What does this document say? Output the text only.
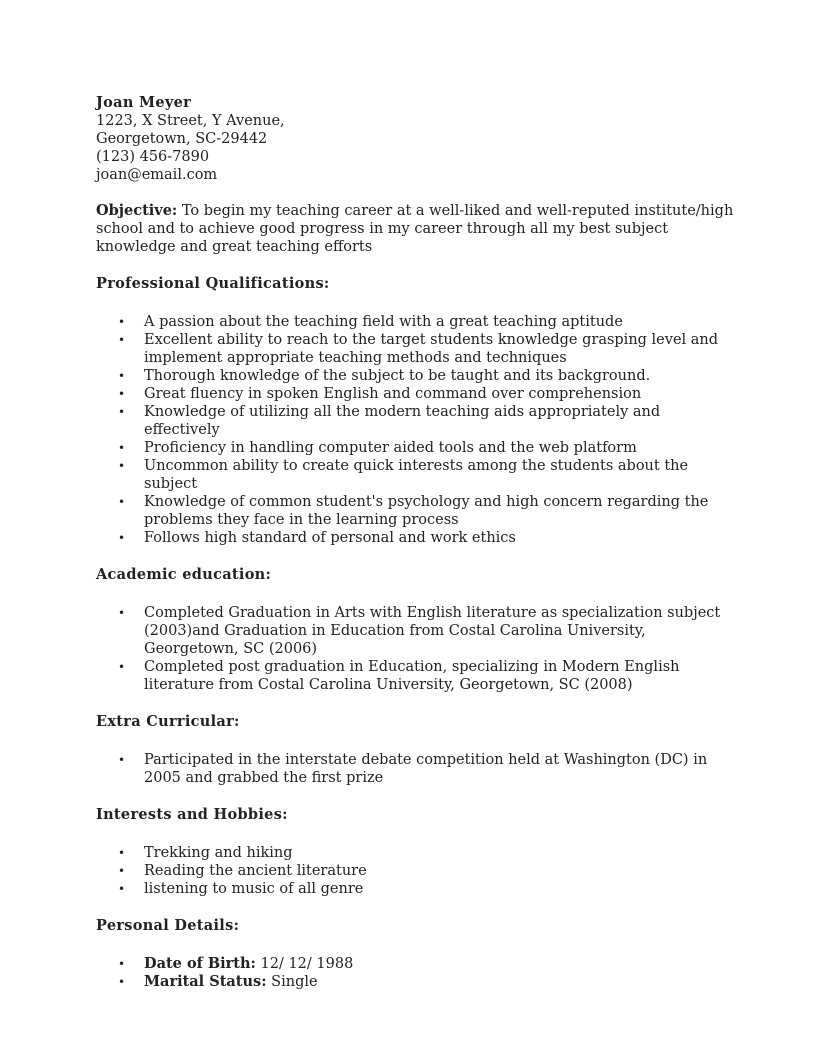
Joan Meyer
1223, X Street, Y Avenue,
Georgetown, SC-29442
(123) 456-7890
joan@email.com
Objective: To begin my teaching career at a well-liked and well-reputed institute/high school and to achieve good progress in my career through all my best subject knowledge and great teaching efforts
Professional Qualifications:
• A passion about the teaching field with a great teaching aptitude
• Excellent ability to reach to the target students knowledge grasping level and implement appropriate teaching methods and techniques
• Thorough knowledge of the subject to be taught and its background.
• Great fluency in spoken English and command over comprehension
• Knowledge of utilizing all the modern teaching aids appropriately and effectively
• Proficiency in handling computer aided tools and the web platform
• Uncommon ability to create quick interests among the students about the subject
• Knowledge of common student's psychology and high concern regarding the problems they face in the learning process
• Follows high standard of personal and work ethics
Academic education:
• Completed Graduation in Arts with English literature as specialization subject (2003)and Graduation in Education from Costal Carolina University, Georgetown, SC (2006)
• Completed post graduation in Education, specializing in Modern English literature from Costal Carolina University, Georgetown, SC (2008)
Extra Curricular:
• Participated in the interstate debate competition held at Washington (DC) in 2005 and grabbed the first prize
Interests and Hobbies:
• Trekking and hiking
• Reading the ancient literature
• listening to music of all genre
Personal Details:
• Date of Birth: 12/ 12/ 1988
• Marital Status: Single
